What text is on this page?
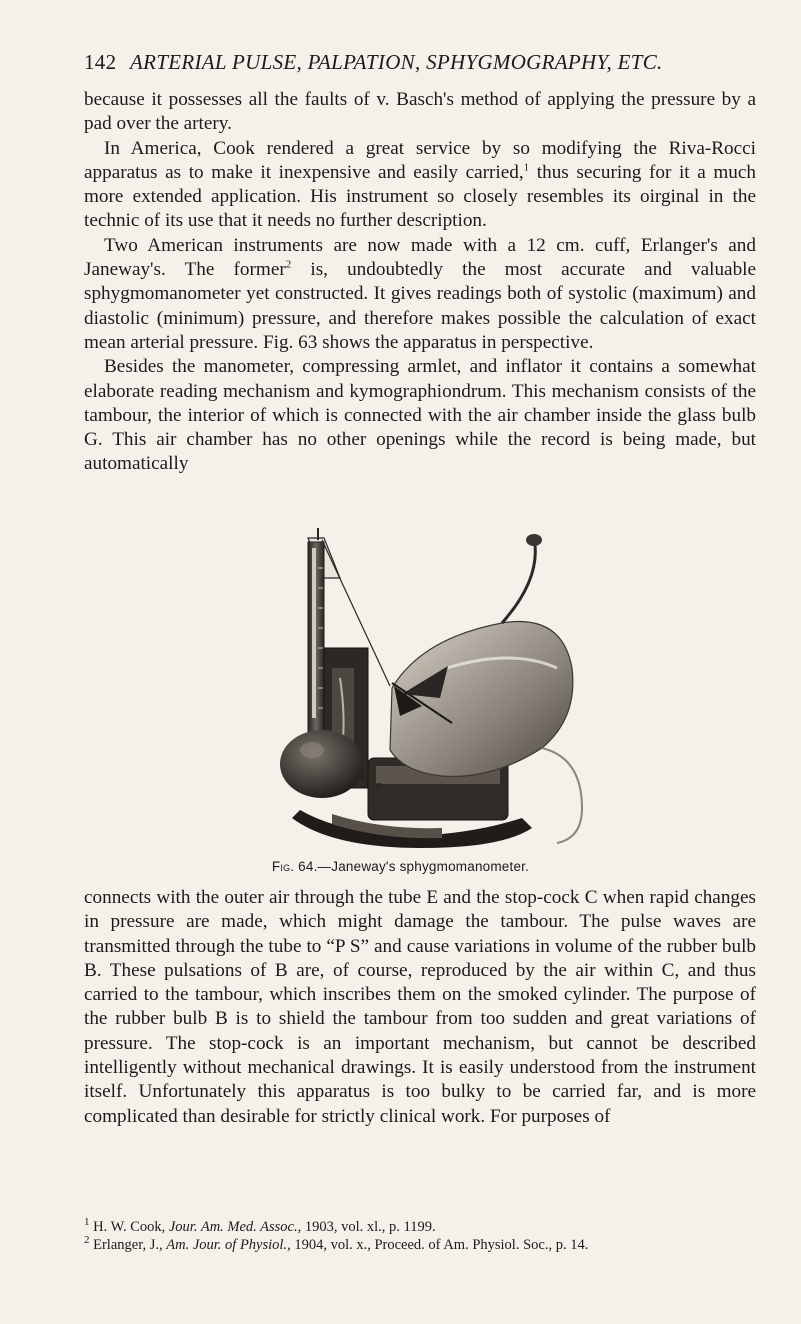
142 ARTERIAL PULSE, PALPATION, SPHYGMOGRAPHY, ETC.

because it possesses all the faults of v. Basch's method of applying the pressure by a pad over the artery.

In America, Cook rendered a great service by so modifying the Riva-Rocci apparatus as to make it inexpensive and easily carried,$^1$ thus securing for it a much more extended application. His instrument so closely resembles its oirginal in the technic of its use that it needs no further description.

Two American instruments are now made with a 12 cm. cuff, Erlanger's and Janeway's. The former$^2$ is, undoubtedly the most accurate and valuable sphygmomanometer yet constructed. It gives readings both of systolic (maximum) and diastolic (minimum) pressure, and therefore makes possible the calculation of exact mean arterial pressure. Fig. 63 shows the apparatus in perspective.

Besides the manometer, compressing armlet, and inflator it contains a somewhat elaborate reading mechanism and kymographiondrum. This mechanism consists of the tambour, the interior of which is connected with the air chamber inside the glass bulb G. This air chamber has no other openings while the record is being made, but automatically

C
F
Fig. 64.—Janeway's sphygmomanometer.

connects with the outer air through the tube E and the stop-cock C when rapid changes in pressure are made, which might damage the tambour. The pulse waves are transmitted through the tube to “P S” and cause variations in volume of the rubber bulb B. These pulsations of B are, of course, reproduced by the air within C, and thus carried to the tambour, which inscribes them on the smoked cylinder. The purpose of the rubber bulb B is to shield the tambour from too sudden and great variations of pressure. The stop-cock is an important mechanism, but cannot be described intelligently without mechanical drawings. It is easily understood from the instrument itself. Unfortunately this apparatus is too bulky to be carried far, and is more complicated than desirable for strictly clinical work. For purposes of

$^1$ H. W. Cook, Jour. Am. Med. Assoc., 1903, vol. xl., p. 1199.
$^2$ Erlanger, J., Am. Jour. of Physiol., 1904, vol. x., Proceed. of Am. Physiol. Soc., p. 14.
